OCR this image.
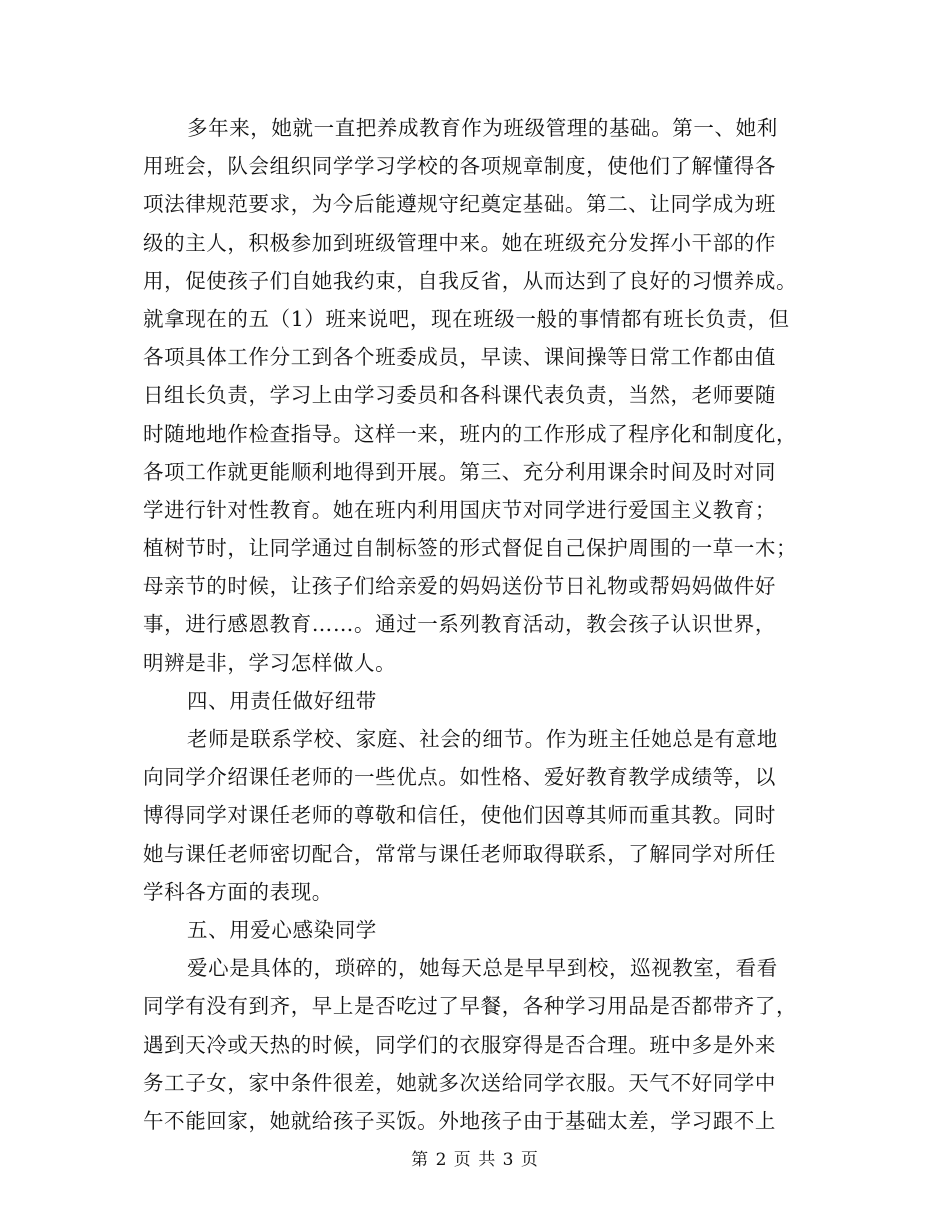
多年来，她就一直把养成教育作为班级管理的基础。第一、她利
用班会，队会组织同学学习学校的各项规章制度，使他们了解懂得各
项法律规范要求，为今后能遵规守纪奠定基础。第二、让同学成为班
级的主人，积极参加到班级管理中来。她在班级充分发挥小干部的作
用，促使孩子们自她我约束，自我反省，从而达到了良好的习惯养成。
就拿现在的五（1）班来说吧，现在班级一般的事情都有班长负责，但
各项具体工作分工到各个班委成员，早读、课间操等日常工作都由值
日组长负责，学习上由学习委员和各科课代表负责，当然，老师要随
时随地地作检查指导。这样一来，班内的工作形成了程序化和制度化，
各项工作就更能顺利地得到开展。第三、充分利用课余时间及时对同
学进行针对性教育。她在班内利用国庆节对同学进行爱国主义教育；
植树节时，让同学通过自制标签的形式督促自己保护周围的一草一木；
母亲节的时候，让孩子们给亲爱的妈妈送份节日礼物或帮妈妈做件好
事，进行感恩教育……。通过一系列教育活动，教会孩子认识世界，
明辨是非，学习怎样做人。
四、用责任做好纽带
老师是联系学校、家庭、社会的细节。作为班主任她总是有意地
向同学介绍课任老师的一些优点。如性格、爱好教育教学成绩等，以
博得同学对课任老师的尊敬和信任，使他们因尊其师而重其教。同时
她与课任老师密切配合，常常与课任老师取得联系，了解同学对所任
学科各方面的表现。
五、用爱心感染同学
爱心是具体的，琐碎的，她每天总是早早到校，巡视教室，看看
同学有没有到齐，早上是否吃过了早餐，各种学习用品是否都带齐了，
遇到天冷或天热的时候，同学们的衣服穿得是否合理。班中多是外来
务工子女，家中条件很差，她就多次送给同学衣服。天气不好同学中
午不能回家，她就给孩子买饭。外地孩子由于基础太差，学习跟不上
第 2 页 共 3 页
